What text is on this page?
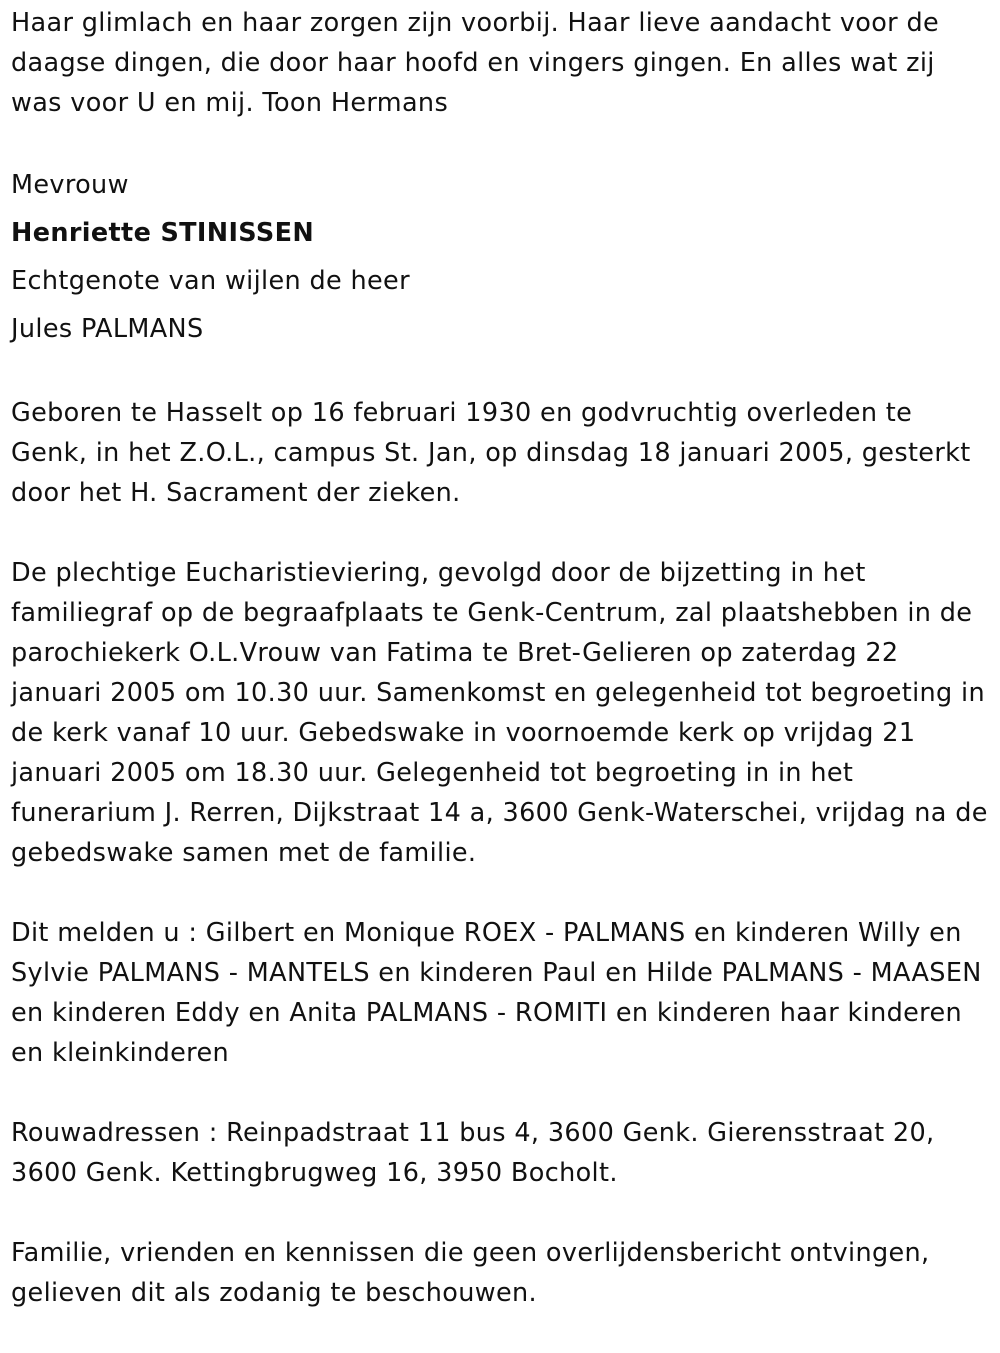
Haar glimlach en haar zorgen zijn voorbij. Haar lieve aandacht voor de daagse dingen, die door haar hoofd en vingers gingen. En alles wat zij was voor U en mij. Toon Hermans

Mevrouw
Henriette STINISSEN
Echtgenote van wijlen de heer
Jules PALMANS

Geboren te Hasselt op 16 februari 1930 en godvruchtig overleden te Genk, in het Z.O.L., campus St. Jan, op dinsdag 18 januari 2005, gesterkt door het H. Sacrament der zieken.

De plechtige Eucharistieviering, gevolgd door de bijzetting in het familiegraf op de begraafplaats te Genk-Centrum, zal plaatshebben in de parochiekerk O.L.Vrouw van Fatima te Bret-Gelieren op zaterdag 22 januari 2005 om 10.30 uur. Samenkomst en gelegenheid tot begroeting in de kerk vanaf 10 uur. Gebedswake in voornoemde kerk op vrijdag 21 januari 2005 om 18.30 uur. Gelegenheid tot begroeting in in het funerarium J. Rerren, Dijkstraat 14 a, 3600 Genk-Waterschei, vrijdag na de gebedswake samen met de familie.

Dit melden u : Gilbert en Monique ROEX - PALMANS en kinderen Willy en Sylvie PALMANS - MANTELS en kinderen Paul en Hilde PALMANS - MAASEN en kinderen Eddy en Anita PALMANS - ROMITI en kinderen haar kinderen en kleinkinderen

Rouwadressen : Reinpadstraat 11 bus 4, 3600 Genk. Gierensstraat 20, 3600 Genk. Kettingbrugweg 16, 3950 Bocholt.

Familie, vrienden en kennissen die geen overlijdensbericht ontvingen, gelieven dit als zodanig te beschouwen.
